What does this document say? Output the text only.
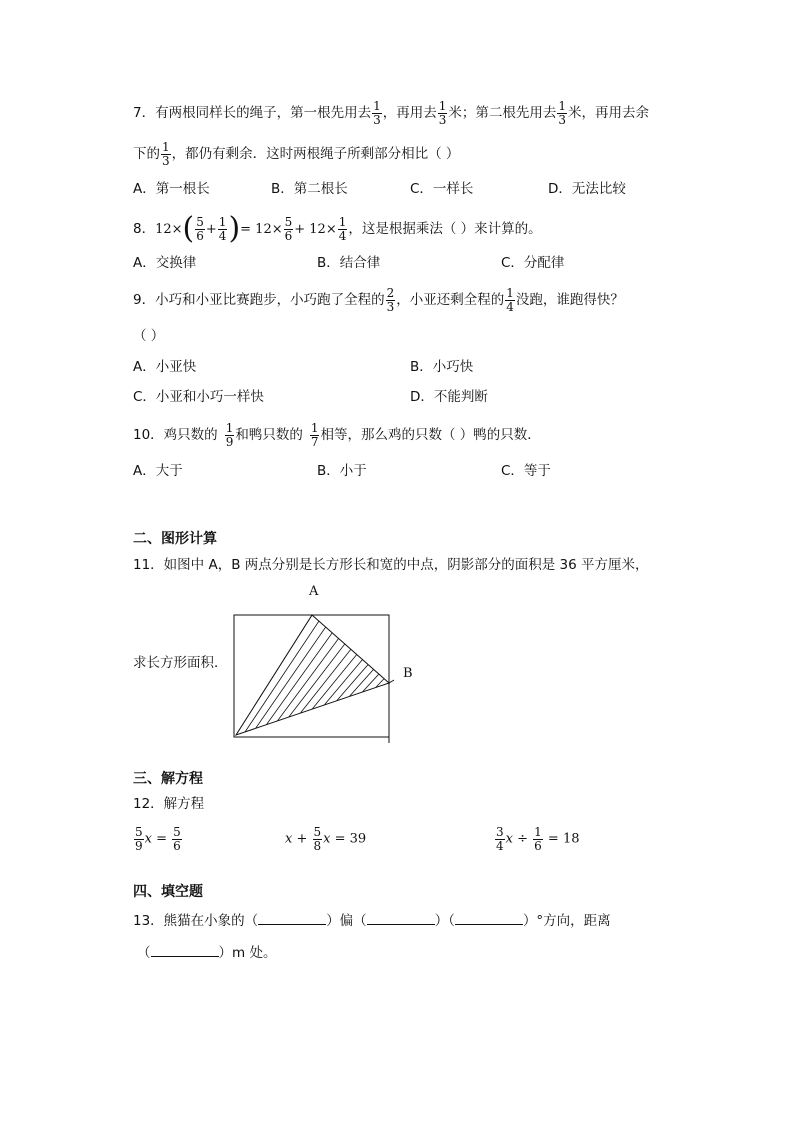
7．有两根同样长的绳子，第一根先用去 $\frac{1}{3}$ ，再用去 $\frac{1}{3}$ 米；第二根先用去 $\frac{1}{3}$ 米，再用去余
下的 $\frac{1}{3}$ ，都仍有剩余．这时两根绳子所剩部分相比（ ）
A．第一根长	B．第二根长	C．一样长	D．无法比较
8．$12\times( \frac{5}{6} + \frac{1}{4}$ )= $12\times \frac{5}{6} + 12\times \frac{1}{4}$ ，这是根据乘法（ ）来计算的。
A．交换律	B．结合律	C．分配律
9．小巧和小亚比赛跑步，小巧跑了全程的 $\frac{2}{3}$ ，小亚还剩全程的 $\frac{1}{4}$ 没跑，谁跑得快？
（ ）
A．小亚快	B．小巧快
C．小亚和小巧一样快	D．不能判断
10．鸡只数的 $\frac{1}{9}$ 和鸭只数的 $\frac{1}{7}$ 相等，那么鸡的只数（ ）鸭的只数．
A．大于	B．小于	C．等于
二、图形计算
11．如图中 A，B 两点分别是长方形长和宽的中点，阴影部分的面积是 36 平方厘米，
A
求长方形面积．
B
三、解方程
12．解方程
$\frac{5}{9}$ $x = \frac{5}{6}$	$x + \frac{5}{8}$ x = 39	$\frac{3}{4}$ $x \div \frac{1}{6} = 18$
四、填空题
13．熊猫在小象的（	）偏（	）（	）°方向，距离
（	）m 处。
